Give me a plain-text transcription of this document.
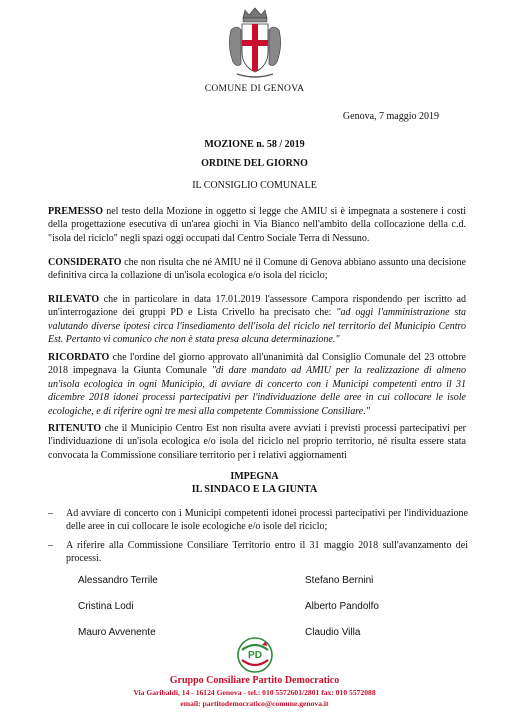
COMUNE DI GENOVA
Genova, 7 maggio 2019
MOZIONE n. 58 / 2019
ORDINE DEL GIORNO
IL CONSIGLIO COMUNALE

PREMESSO nel testo della Mozione in oggetto si legge che AMIU si è impegnata a sostenere i costi della progettazione esecutiva di un'area giochi in Via Bianco nell'ambito della collocazione della c.d. "isola del riciclo" negli spazi oggi occupati dal Centro Sociale Terra di Nessuno.

CONSIDERATO che non risulta che né AMIU né il Comune di Genova abbiano assunto una decisione definitiva circa la collazione di un'isola ecologica e/o isola del riciclo;

RILEVATO che in particolare in data 17.01.2019 l'assessore Campora rispondendo per iscritto ad un'interrogazione dei gruppi PD e Lista Crivello ha precisato che: "ad oggi l'amministrazione sta valutando diverse ipotesi circa l'insediamento dell'isola del riciclo nel territorio del Municipio Centro Est. Pertanto vi comunico che non è stata presa alcuna determinazione."

RICORDATO che l'ordine del giorno approvato all'unanimità dal Consiglio Comunale del 23 ottobre 2018 impegnava la Giunta Comunale "di dare mandato ad AMIU per la realizzazione di almeno un'isola ecologica in ogni Municipio, di avviare di concerto con i Municipi competenti entro il 31 dicembre 2018 idonei processi partecipativi per l'individuazione delle aree in cui collocare le isole ecologiche, e di riferire ogni tre mesi alla competente Commissione Consiliare."

RITENUTO che il Municipio Centro Est non risulta avere avviati i previsti processi partecipativi per l'individuazione di un'isola ecologica e/o isola del riciclo nel proprio territorio, né risulta essere stata convocata la Commissione consiliare territorio per i relativi aggiornamenti

IMPEGNA
IL SINDACO E LA GIUNTA
– Ad avviare di concerto con i Municipi competenti idonei processi partecipativi per l'individuazione delle aree in cui collocare le isole ecologiche e/o isole del riciclo;
– A riferire alla Commissione Consiliare Territorio entro il 31 maggio 2018 sull'avanzamento dei processi.
Alessandro Terrile
Cristina Lodi
Mauro Avvenente
Stefano Bernini
Alberto Pandolfo
Claudio Villa
PD
Gruppo Consiliare Partito Democratico
Via Garibaldi, 14 - 16124 Genova - tel.: 010 5572601/2801 fax: 010 5572088
email: partitodemocratico@comune.genova.it
